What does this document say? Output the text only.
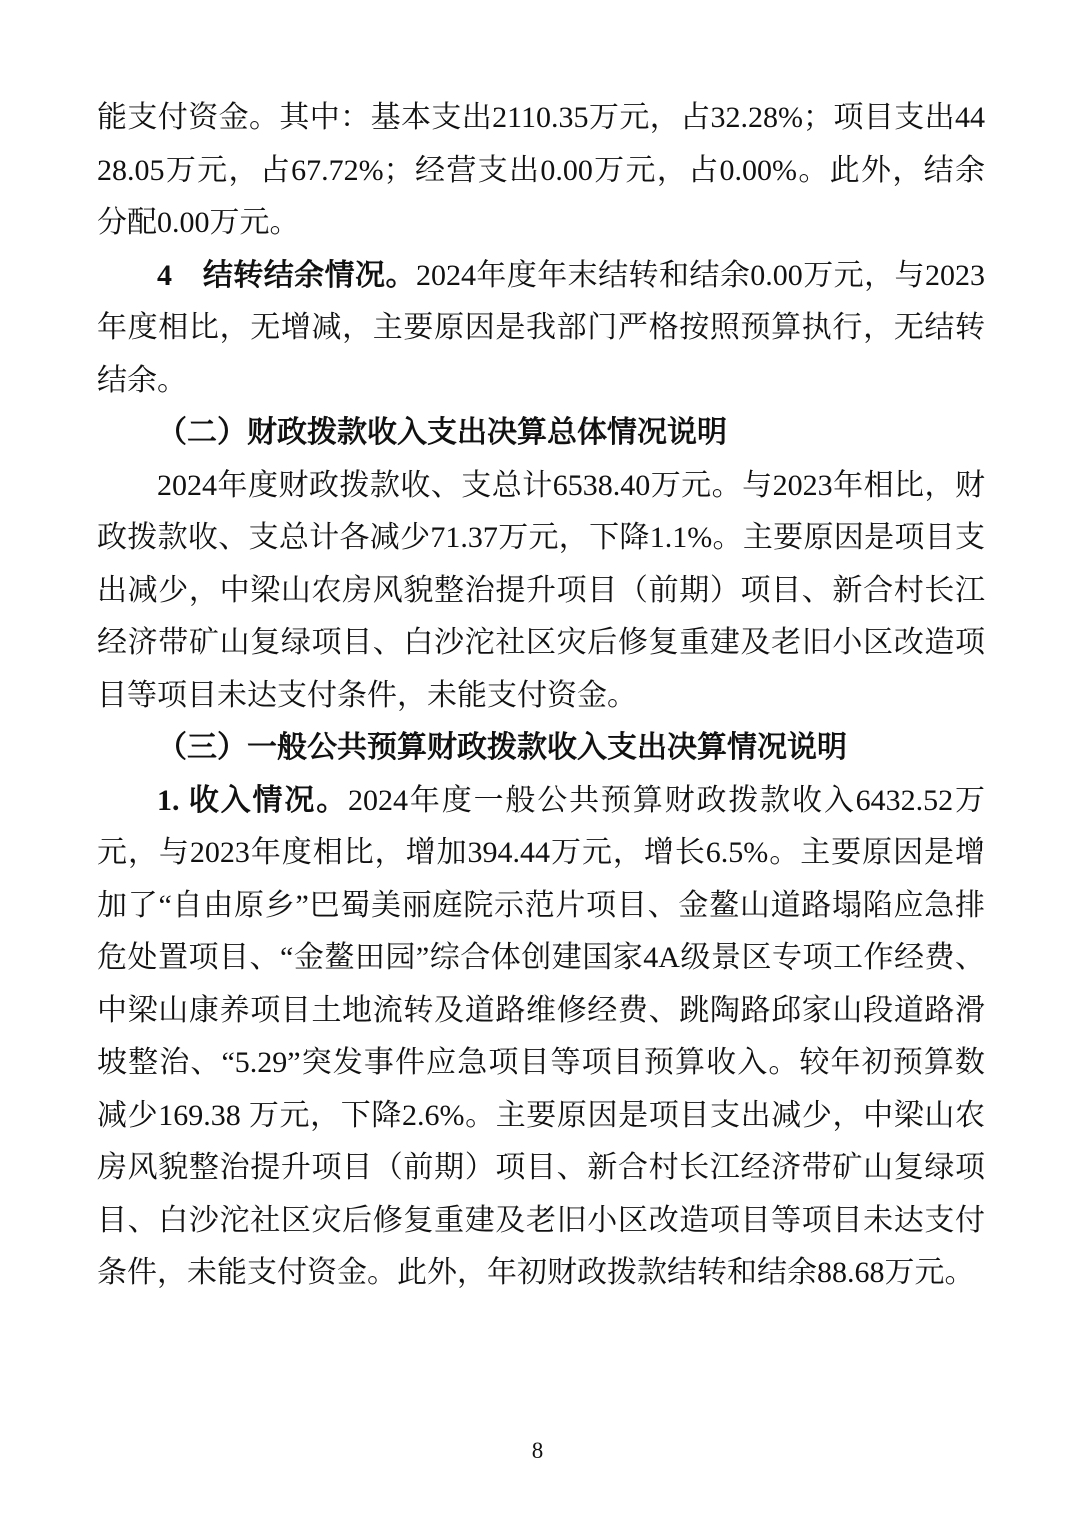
能支付资金。其中：基本支出2110.35万元，占32.28%；项目支出4428.05万元，占67.72%；经营支出0.00万元，占0.00%。此外，结余分配0.00万元。

4　结转结余情况。2024年度年末结转和结余0.00万元，与2023年度相比，无增减，主要原因是我部门严格按照预算执行，无结转结余。

（二）财政拨款收入支出决算总体情况说明

2024年度财政拨款收、支总计6538.40万元。与2023年相比，财政拨款收、支总计各减少71.37万元，下降1.1%。主要原因是项目支出减少，中梁山农房风貌整治提升项目（前期）项目、新合村长江经济带矿山复绿项目、白沙沱社区灾后修复重建及老旧小区改造项目等项目未达支付条件，未能支付资金。

（三）一般公共预算财政拨款收入支出决算情况说明

1. 收入情况。2024年度一般公共预算财政拨款收入6432.52万元，与2023年度相比，增加394.44万元，增长6.5%。主要原因是增加了“自由原乡”巴蜀美丽庭院示范片项目、金鳌山道路塌陷应急排危处置项目、“金鳌田园”综合体创建国家4A级景区专项工作经费、中梁山康养项目土地流转及道路维修经费、跳陶路邱家山段道路滑坡整治、“5.29”突发事件应急项目等项目预算收入。较年初预算数减少169.38 万元，下降2.6%。主要原因是项目支出减少，中梁山农房风貌整治提升项目（前期）项目、新合村长江经济带矿山复绿项目、白沙沱社区灾后修复重建及老旧小区改造项目等项目未达支付条件，未能支付资金。此外，年初财政拨款结转和结余88.68万元。

8
